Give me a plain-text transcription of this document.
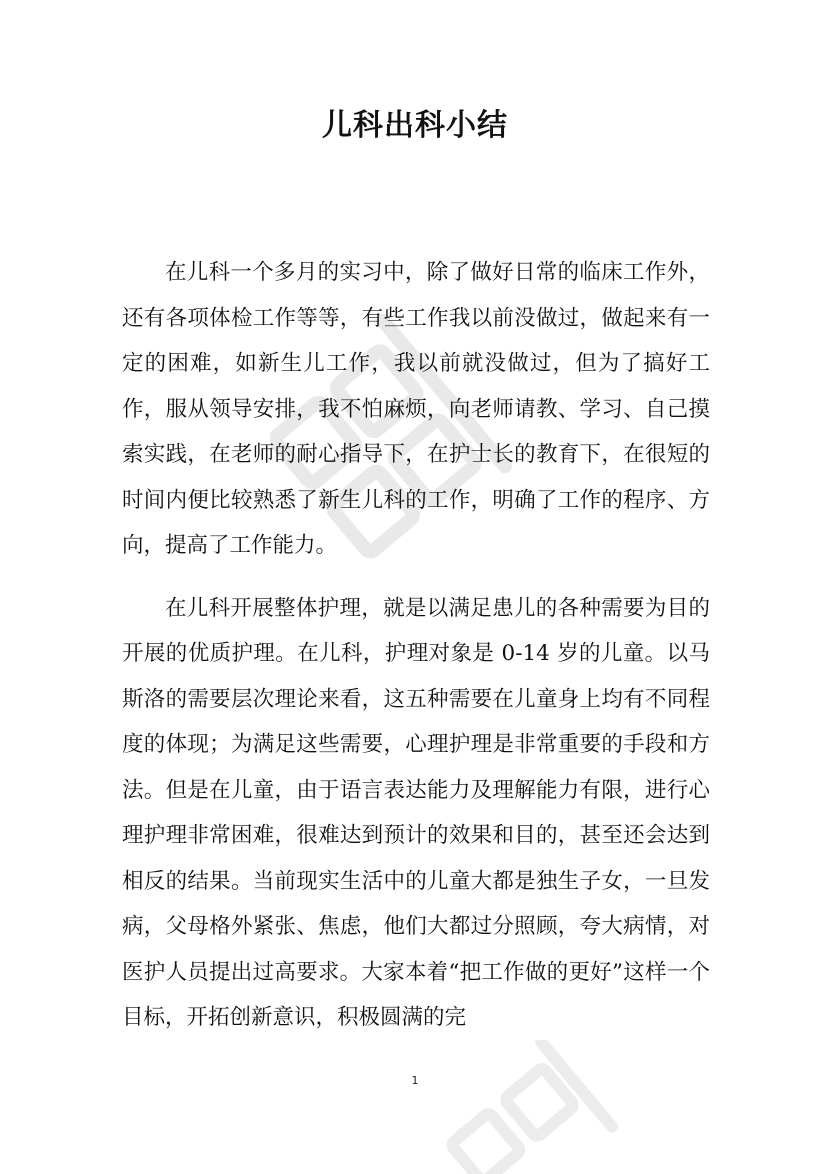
儿科出科小结

在儿科一个多月的实习中，除了做好日常的临床工作外，还有各项体检工作等等，有些工作我以前没做过，做起来有一定的困难，如新生儿工作，我以前就没做过，但为了搞好工作，服从领导安排，我不怕麻烦，向老师请教、学习、自己摸索实践，在老师的耐心指导下，在护士长的教育下，在很短的时间内便比较熟悉了新生儿科的工作，明确了工作的程序、方向，提高了工作能力。

在儿科开展整体护理，就是以满足患儿的各种需要为目的开展的优质护理。在儿科，护理对象是 0-14 岁的儿童。以马斯洛的需要层次理论来看，这五种需要在儿童身上均有不同程度的体现；为满足这些需要，心理护理是非常重要的手段和方法。但是在儿童，由于语言表达能力及理解能力有限，进行心理护理非常困难，很难达到预计的效果和目的，甚至还会达到相反的结果。当前现实生活中的儿童大都是独生子女，一旦发病，父母格外紧张、焦虑，他们大都过分照顾，夸大病情，对医护人员提出过高要求。大家本着“把工作做的更好”这样一个目标，开拓创新意识，积极圆满的完

1
